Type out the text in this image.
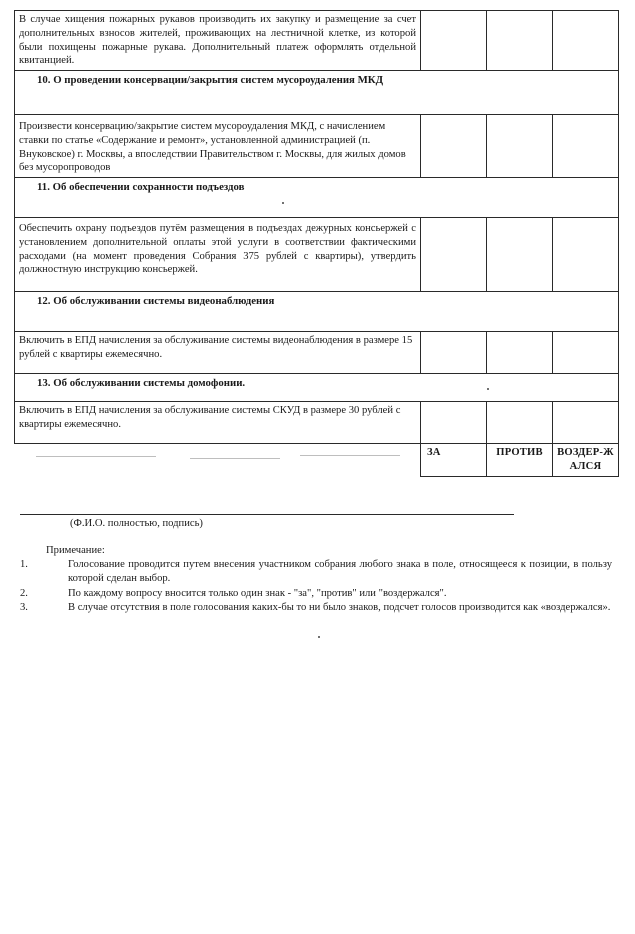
В случае хищения пожарных рукавов производить их закупку и размещение за счет дополнительных взносов жителей, проживающих на лестничной клетке, из которой были похищены пожарные рукава. Дополнительный платеж оформлять отдельной квитанцией.			
10. О проведении консервации/закрытия систем мусороудаления МКД			
Произвести консервацию/закрытие систем мусороудаления МКД, с начислением ставки по статье «Содержание и ремонт», установленной администрацией (п. Внуковское) г. Москвы, а впоследствии Правительством г. Москвы, для жилых домов без мусоропроводов			
11. Об обеспечении сохранности подъездов			
Обеспечить охрану подъездов путём размещения в подъездах дежурных консьержей с установлением дополнительной оплаты этой услуги в соответствии фактическими расходами (на момент проведения Собрания 375 рублей с квартиры), утвердить должностную инструкцию консьержей.			
12. Об обслуживании системы видеонаблюдения			
Включить в ЕПД начисления за обслуживание системы видеонаблюдения в размере 15 рублей с квартиры ежемесячно.			
13. Об обслуживании системы домофонии.			
Включить в ЕПД начисления за обслуживание системы СКУД в размере 30 рублей с квартиры ежемесячно.			
	ЗА	ПРОТИВ	ВОЗДЕР-ЖАЛСЯ
(Ф.И.О. полностью, подпись)
Примечание:
1.	Голосование проводится путем внесения участником собрания любого знака в поле, относящееся к позиции, в пользу которой сделан выбор.
2.	По каждому вопросу вносится только один знак - "за", "против" или "воздержался".
3.	В случае отсутствия в поле голосования каких-бы то ни было знаков, подсчет голосов производится как «воздержался».
